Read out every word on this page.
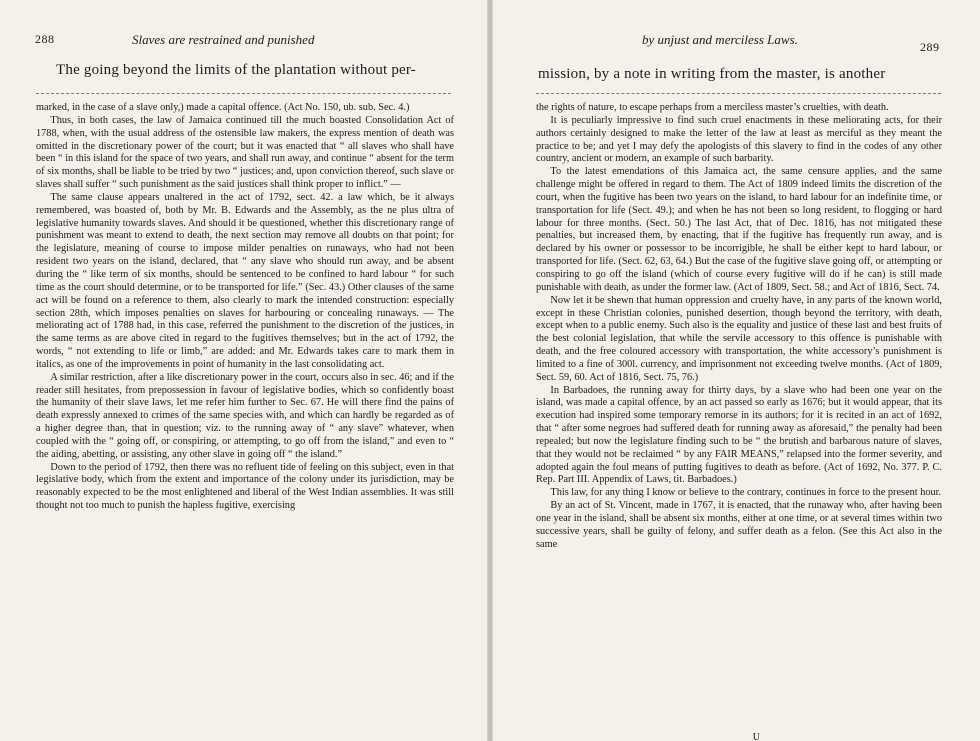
288	Slaves are restrained and punished
The going beyond the limits of the plantation without per-

marked, in the case of a slave only,) made a capital offence. (Act No. 150, ub. sub. Sec. 4.)

Thus, in both cases, the law of Jamaica continued till the much boasted Consolidation Act of 1788, when, with the usual address of the ostensible law makers, the express mention of death was omitted in the discretionary power of the court; but it was enacted that “ all slaves who shall have been “ in this island for the space of two years, and shall run away, and continue “ absent for the term of six months, shall be liable to be tried by two “ justices; and, upon conviction thereof, such slave or slaves shall suffer “ such punishment as the said justices shall think proper to inflict.” —

The same clause appears unaltered in the act of 1792, sect. 42. a law which, be it always remembered, was boasted of, both by Mr. B. Edwards and the Assembly, as the ne plus ultra of legislative humanity towards slaves. And should it be questioned, whether this discretionary range of punishment was meant to extend to death, the next section may remove all doubts on that point; for the legislature, meaning of course to impose milder penalties on runaways, who had not been resident two years on the island, declared, that “ any slave who should run away, and be absent during the “ like term of six months, should be sentenced to be confined to hard labour “ for such time as the court should determine, or to be transported for life.” (Sec. 43.) Other clauses of the same act will be found on a reference to them, also clearly to mark the intended construction: especially section 28th, which imposes penalties on slaves for harbouring or concealing runaways. — The meliorating act of 1788 had, in this case, referred the punishment to the discretion of the justices, in the same terms as are above cited in regard to the fugitives themselves; but in the act of 1792, the words, “ not extending to life or limb,” are added: and Mr. Edwards takes care to mark them in italics, as one of the improvements in point of humanity in the last consolidating act.

A similar restriction, after a like discretionary power in the court, occurs also in sec. 46; and if the reader still hesitates, from prepossession in favour of legislative bodies, which so confidently boast the humanity of their slave laws, let me refer him further to Sec. 67. He will there find the pains of death expressly annexed to crimes of the same species with, and which can hardly be regarded as of a higher degree than, that in question; viz. to the running away of “ any slave” whatever, when coupled with the “ going off, or conspiring, or attempting, to go off from the island,” and even to “ the aiding, abetting, or assisting, any other slave in going off “ the island.”

Down to the period of 1792, then there was no refluent tide of feeling on this subject, even in that legislative body, which from the extent and importance of the colony under its jurisdiction, may be reasonably expected to be the most enlightened and liberal of the West Indian assemblies. It was still thought not too much to punish the hapless fugitive, exercising

by unjust and merciless Laws.	289
mission, by a note in writing from the master, is another

the rights of nature, to escape perhaps from a merciless master’s cruelties, with death.

It is peculiarly impressive to find such cruel enactments in these meliorating acts, for their authors certainly designed to make the letter of the law at least as merciful as they meant the practice to be; and yet I may defy the apologists of this slavery to find in the codes of any other country, ancient or modern, an example of such barbarity.

To the latest emendations of this Jamaica act, the same censure applies, and the same challenge might be offered in regard to them. The Act of 1809 indeed limits the discretion of the court, when the fugitive has been two years on the island, to hard labour for an indefinite time, or transportation for life (Sect. 49.); and when he has not been so long resident, to flogging or hard labour for three months. (Sect. 50.) The last Act, that of Dec. 1816, has not mitigated these penalties, but increased them, by enacting, that if the fugitive has frequently run away, and is declared by his owner or possessor to be incorrigible, he shall be either kept to hard labour, or transported for life. (Sect. 62, 63, 64.) But the case of the fugitive slave going off, or attempting or conspiring to go off the island (which of course every fugitive will do if he can) is still made punishable with death, as under the former law. (Act of 1809, Sect. 58.; and Act of 1816, Sect. 74.

Now let it be shewn that human oppression and cruelty have, in any parts of the known world, except in these Christian colonies, punished desertion, though beyond the territory, with death, except when to a public enemy. Such also is the equality and justice of these last and best fruits of the best colonial legislation, that while the servile accessory to this offence is punishable with death, and the free coloured accessory with transportation, the white accessory’s punishment is limited to a fine of 300l. currency, and imprisonment not exceeding twelve months. (Act of 1809, Sect. 59, 60. Act of 1816, Sect. 75, 76.)

In Barbadoes, the running away for thirty days, by a slave who had been one year on the island, was made a capital offence, by an act passed so early as 1676; but it would appear, that its execution had inspired some temporary remorse in its authors; for it is recited in an act of 1692, that “ after some negroes had suffered death for running away as aforesaid,” the penalty had been repealed; but now the legislature finding such to be “ the brutish and barbarous nature of slaves, that they would not be reclaimed “ by any FAIR MEANS,” relapsed into the former severity, and adopted again the foul means of putting fugitives to death as before. (Act of 1692, No. 377. P. C. Rep. Part III. Appendix of Laws, tit. Barbadoes.)

This law, for any thing I know or believe to the contrary, continues in force to the present hour.

By an act of St. Vincent, made in 1767, it is enacted, that the runaway who, after having been one year in the island, shall be absent six months, either at one time, or at several times within two successive years, shall be guilty of felony, and suffer death as a felon. (See this Act also in the same

U
